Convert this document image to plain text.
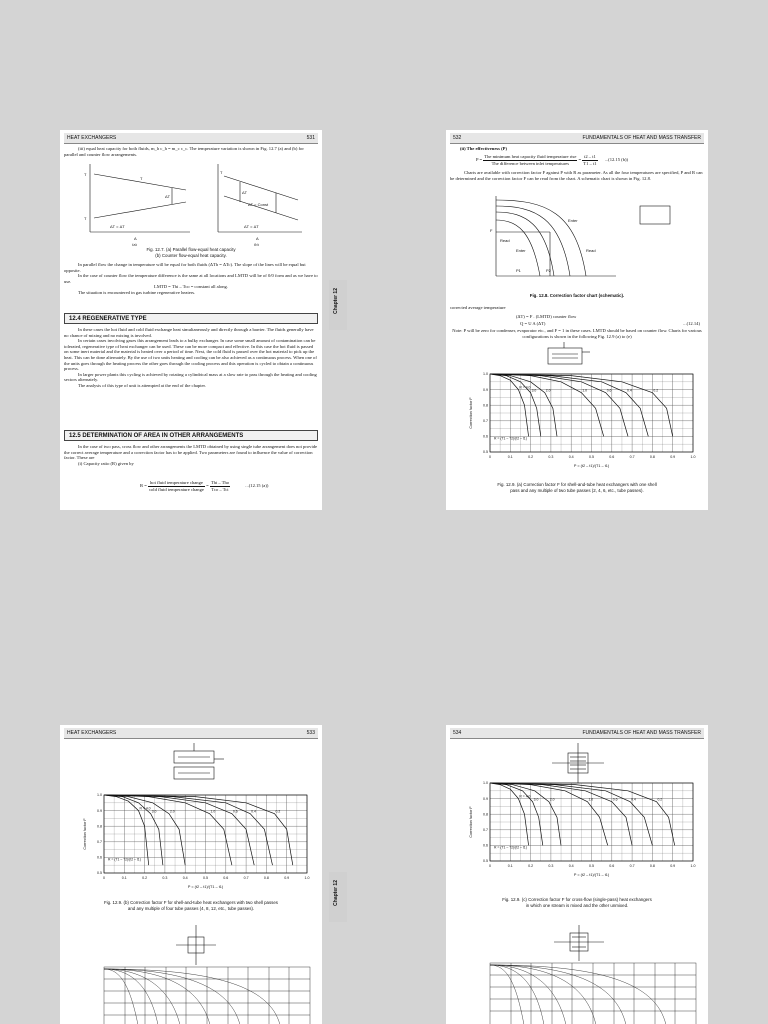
HEAT EXCHANGERS	531

(iii) equal heat capacity for both fluids, m_h c_h = m_c c_c. The temperature variation is shown in Fig. 12.7 (a) and (b) for parallel and counter flow arrangements.

T
T
T
ΔT
ΔT = ΔT
T
ΔT
ΔT = ΔT
A	A
(a)	(b)
ΔT = Const
Fig. 12.7. (a) Parallel flow-equal heat capacity
(b) Counter flow-equal heat capacity.

In parallel flow the change in temperature will be equal for both fluids (ΔTh = ΔTc). The slope of the lines will be equal but opposite.

In the case of counter flow the temperature difference is the same at all locations and LMTD will be of 0/0 form and as we have to use.

LMTD = Thi – Tco = constant all along.

The situation is encountered in gas turbine regenerative heaters.

12.4 REGENERATIVE TYPE

In these cases the hot fluid and cold fluid exchange heat simultaneously and directly through a barrier. The fluids generally have no chance of mixing and no mixing is involved.

In certain cases involving gases this arrangement leads to a bulky exchanger. In case some small amount of contamination can be tolerated, regenerative type of heat exchanger can be used. These can be more compact and effective. In this case the hot fluid is passed on some inert material and the material is heated over a period of time. Next, the cold fluid is passed over the hot material to pick up the heat. This can be done alternately. By the use of two units heating and cooling can be also achieved as a continuous process. When one of the units goes through the heating process the other goes through the cooling process and this operation is cycled to obtain a continuous process.

In larger power plants this cycling is achieved by rotating a cylindrical mass at a slow rate to pass through the heating and cooling sectors alternately.

The analysis of this type of unit is attempted at the end of the chapter.

12.5 DETERMINATION OF AREA IN OTHER ARRANGEMENTS

In the case of two pass, cross flow and other arrangements the LMTD obtained by using single tube arrangement does not provide the correct average temperature and a correction factor has to be applied. Two parameters are found to influence the value of correction factor. These are

(i) Capacity ratio (R) given by

$R = \frac{\text{hot fluid temperature change}}{\text{cold fluid temperature change}} = \frac{\text{Thi – Tho}}{\text{Tco – Tci}}$	...(12.15 (a))
Chapter 12
532	FUNDAMENTALS OF HEAT AND MASS TRANSFER
(ii) The effectiveness (P)
$P = \frac{\text{The minimum heat capacity fluid temperature rise}}{\text{The difference between inlet temperatures}} = \frac{t2 - t1}{T1 - t1} ...(12.15$ (b))

Charts are available with correction factor F against P with R as parameter. As all the four temperatures are specified, P and R can be determined and the correction factor F can be read from the chart. A schematic chart is shown in Fig. 12.8.

Read
Enter
Enter
Read
F
P1	P2
Fig. 12.8. Correction factor chart (schematic).
corrected average temperature
(ΔT) = F . (LMTD) counter flow
Q = U A (ΔT)	...(12.14)
Note: P will be zero for condenser, evaporator etc., and F = 1 in these cases. LMTD should be based on counter flow. Charts for various configurations is shown in the following Fig. 12.9 (a) to (e)
0	0.1	0.2	0.3	0.4	0.5	0.6	0.7	0.8	0.9	1.0
0.5
0.6
0.7
0.8
0.9
1.0
Correction factor F
P = (t2 – t1)/(T1 – t1)
R = (T1 – T2)/(t2 – t1)
R = 4.0
3.0	2.0	1.0	0.6	0.4	0.2
Fig. 12.9. (a) Correction factor F for shell-and-tube heat exchangers with one shell
pass and any multiple of two tube passes (2, 4, 6, etc., tube passes).
HEAT EXCHANGERS	533
0	0.1	0.2	0.3	0.4	0.5	0.6	0.7	0.8	0.9	1.0
0.5
0.6
0.7
0.8
0.9
1.0
Correction factor F
P = (t2 – t1)/(T1 – t1)
R = (T1 – T2)/(t2 – t1)
R = 4.0
3.0	2.0	1.0	0.6	0.4	0.2
Fig. 12.9. (b) Correction factor F for shell-and-tube heat exchangers with two shell passes
and any multiple of four tube passes (4, 8, 12, etc., tube passes).
Chapter 12
534	FUNDAMENTALS OF HEAT AND MASS TRANSFER
0	0.1	0.2	0.3	0.4	0.5	0.6	0.7	0.8	0.9	1.0
0.5
0.6
0.7
0.8
0.9
1.0
Correction factor F
P = (t2 – t1)/(T1 – t1)
R = (T1 – T2)/(t2 – t1)
R = 4.0
3.0	2.0	1.0	0.6	0.4	0.2
Fig. 12.9. (c) Correction factor F for cross-flow (single-pass) heat exchangers
in which one stream is mixed and the other unmixed.
